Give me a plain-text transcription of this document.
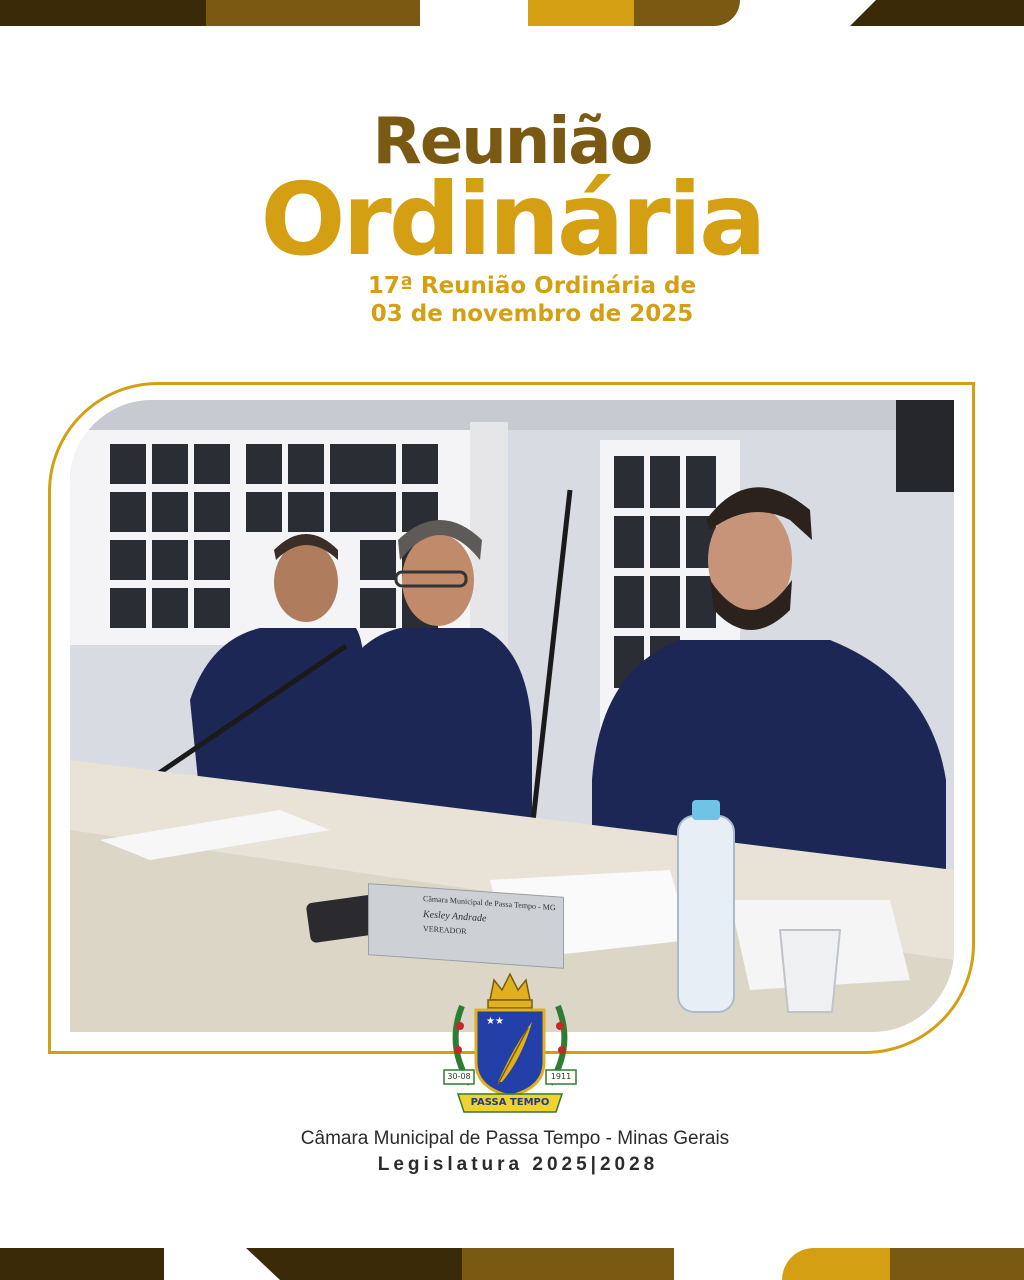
Reunião
Ordinária
17ª Reunião Ordinária de
03 de novembro de 2025
Câmara Municipal de Passa Tempo - MG
Kesley Andrade
VEREADOR
★★
30-08	1911
PASSA TEMPO
Câmara Municipal de Passa Tempo - Minas Gerais
Legislatura 2025|2028
